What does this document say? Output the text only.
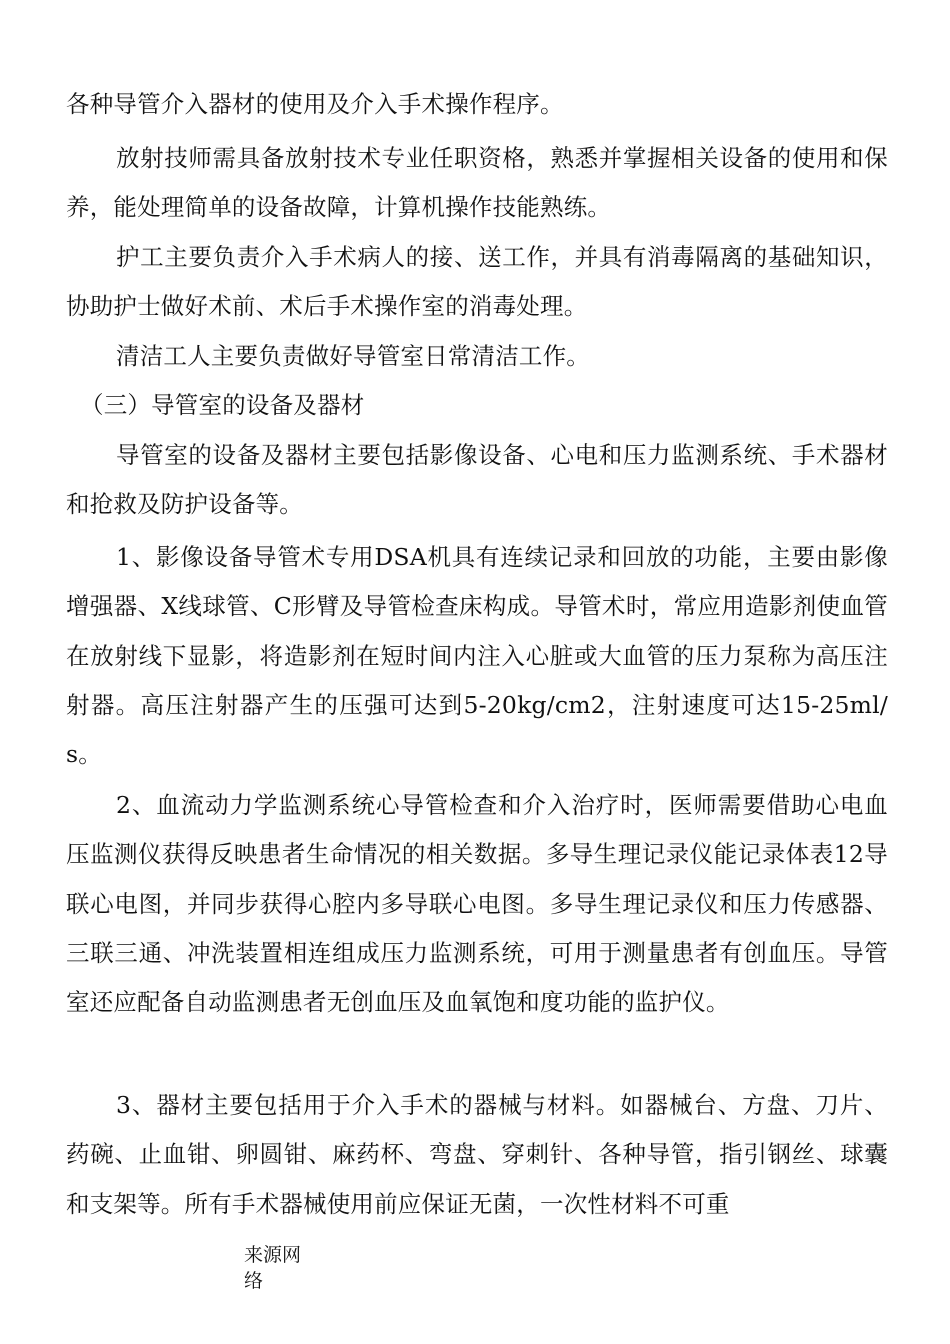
各种导管介入器材的使用及介入手术操作程序。

放射技师需具备放射技术专业任职资格，熟悉并掌握相关设备的使用和保养，能处理简单的设备故障，计算机操作技能熟练。

护工主要负责介入手术病人的接、送工作，并具有消毒隔离的基础知识，协助护士做好术前、术后手术操作室的消毒处理。

清洁工人主要负责做好导管室日常清洁工作。

（三）导管室的设备及器材

导管室的设备及器材主要包括影像设备、心电和压力监测系统、手术器材和抢救及防护设备等。

1、影像设备导管术专用DSA机具有连续记录和回放的功能，主要由影像增强器、X线球管、C形臂及导管检查床构成。导管术时，常应用造影剂使血管在放射线下显影，将造影剂在短时间内注入心脏或大血管的压力泵称为高压注射器。高压注射器产生的压强可达到5-20kg/cm2，注射速度可达15-25ml/s。

2、血流动力学监测系统心导管检查和介入治疗时，医师需要借助心电血压监测仪获得反映患者生命情况的相关数据。多导生理记录仪能记录体表12导联心电图，并同步获得心腔内多导联心电图。多导生理记录仪和压力传感器、三联三通、冲洗装置相连组成压力监测系统，可用于测量患者有创血压。导管室还应配备自动监测患者无创血压及血氧饱和度功能的监护仪。

3、器材主要包括用于介入手术的器械与材料。如器械台、方盘、刀片、药碗、止血钳、卵圆钳、麻药杯、弯盘、穿刺针、各种导管，指引钢丝、球囊和支架等。所有手术器械使用前应保证无菌，一次性材料不可重

来源网络
